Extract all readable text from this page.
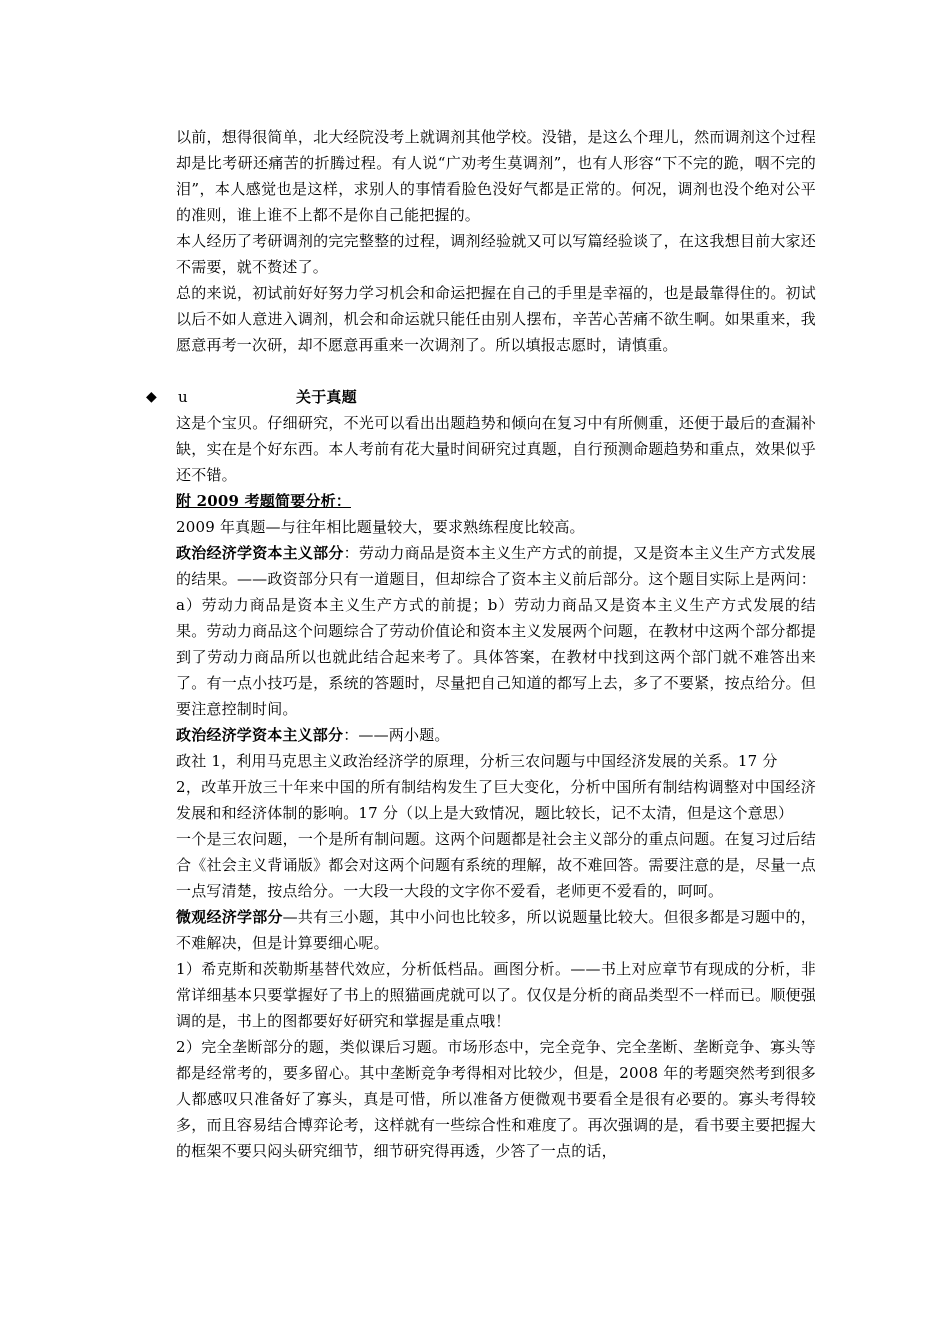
以前，想得很简单，北大经院没考上就调剂其他学校。没错，是这么个理儿，然而调剂这个过程却是比考研还痛苦的折腾过程。有人说“广劝考生莫调剂”，也有人形容“下不完的跪，咽不完的泪”，本人感觉也是这样，求别人的事情看脸色没好气都是正常的。何况，调剂也没个绝对公平的准则，谁上谁不上都不是你自己能把握的。

本人经历了考研调剂的完完整整的过程，调剂经验就又可以写篇经验谈了，在这我想目前大家还不需要，就不赘述了。

总的来说，初试前好好努力学习机会和命运把握在自己的手里是幸福的，也是最靠得住的。初试以后不如人意进入调剂，机会和命运就只能任由别人摆布，辛苦心苦痛不欲生啊。如果重来，我愿意再考一次研，却不愿意再重来一次调剂了。所以填报志愿时，请慎重。

◆ u	关于真题

这是个宝贝。仔细研究，不光可以看出出题趋势和倾向在复习中有所侧重，还便于最后的查漏补缺，实在是个好东西。本人考前有花大量时间研究过真题，自行预测命题趋势和重点，效果似乎还不错。

附 2009 考题简要分析：

2009 年真题—与往年相比题量较大，要求熟练程度比较高。

政治经济学资本主义部分：劳动力商品是资本主义生产方式的前提，又是资本主义生产方式发展的结果。——政资部分只有一道题目，但却综合了资本主义前后部分。这个题目实际上是两问：a）劳动力商品是资本主义生产方式的前提；b）劳动力商品又是资本主义生产方式发展的结果。劳动力商品这个问题综合了劳动价值论和资本主义发展两个问题，在教材中这两个部分都提到了劳动力商品所以也就此结合起来考了。具体答案，在教材中找到这两个部门就不难答出来了。有一点小技巧是，系统的答题时，尽量把自己知道的都写上去，多了不要紧，按点给分。但要注意控制时间。

政治经济学资本主义部分：——两小题。

政社 1，利用马克思主义政治经济学的原理，分析三农问题与中国经济发展的关系。17 分

2，改革开放三十年来中国的所有制结构发生了巨大变化，分析中国所有制结构调整对中国经济发展和和经济体制的影响。17 分（以上是大致情况，题比较长，记不太清，但是这个意思）

一个是三农问题，一个是所有制问题。这两个问题都是社会主义部分的重点问题。在复习过后结合《社会主义背诵版》都会对这两个问题有系统的理解，故不难回答。需要注意的是，尽量一点一点写清楚，按点给分。一大段一大段的文字你不爱看，老师更不爱看的，呵呵。

微观经济学部分—共有三小题，其中小问也比较多，所以说题量比较大。但很多都是习题中的，不难解决，但是计算要细心呢。

1）希克斯和茨勒斯基替代效应，分析低档品。画图分析。——书上对应章节有现成的分析，非常详细基本只要掌握好了书上的照猫画虎就可以了。仅仅是分析的商品类型不一样而已。顺便强调的是，书上的图都要好好研究和掌握是重点哦！

2）完全垄断部分的题，类似课后习题。市场形态中，完全竞争、完全垄断、垄断竞争、寡头等都是经常考的，要多留心。其中垄断竞争考得相对比较少，但是，2008 年的考题突然考到很多人都感叹只准备好了寡头，真是可惜，所以准备方便微观书要看全是很有必要的。寡头考得较多，而且容易结合博弈论考，这样就有一些综合性和难度了。再次强调的是，看书要主要把握大的框架不要只闷头研究细节，细节研究得再透，少答了一点的话，
